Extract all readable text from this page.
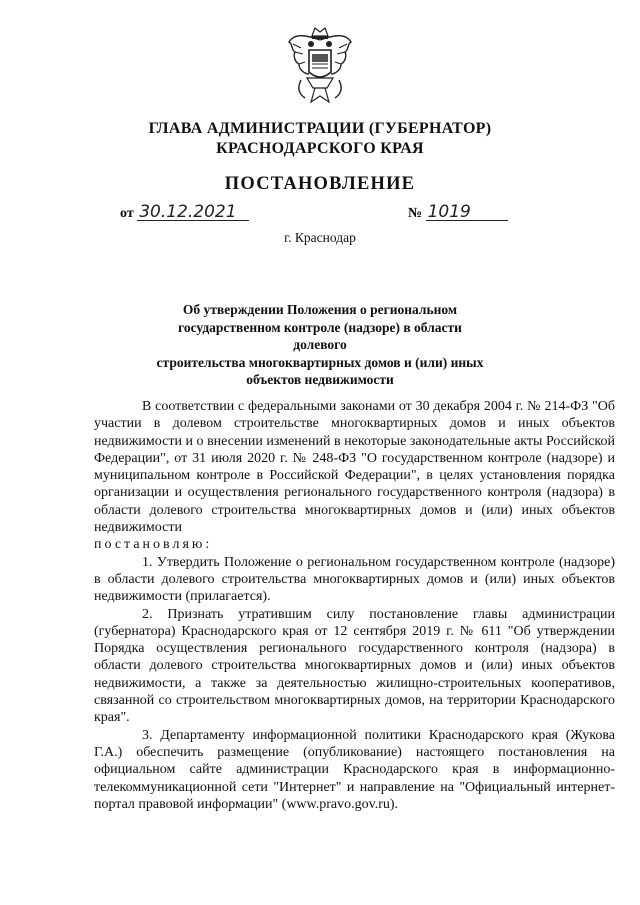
ГЛАВА АДМИНИСТРАЦИИ (ГУБЕРНАТОР)
КРАСНОДАРСКОГО КРАЯ
ПОСТАНОВЛЕНИЕ
от 30.12.2021	№ 1019
г. Краснодар
Об утверждении Положения о региональном
государственном контроле (надзоре) в области долевого
строительства многоквартирных домов и (или) иных
объектов недвижимости

В соответствии с федеральными законами от 30 декабря 2004 г. № 214-ФЗ "Об участии в долевом строительстве многоквартирных домов и иных объектов недвижимости и о внесении изменений в некоторые законодательные акты Российской Федерации", от 31 июля 2020 г. № 248-ФЗ "О государственном контроле (надзоре) и муниципальном контроле в Российской Федерации", в целях установления порядка организации и осуществления регионального государственного контроля (надзора) в области долевого строительства многоквартирных домов и (или) иных объектов недвижимости

постановляю:

1. Утвердить Положение о региональном государственном контроле (надзоре) в области долевого строительства многоквартирных домов и (или) иных объектов недвижимости (прилагается).

2. Признать утратившим силу постановление главы администрации (губернатора) Краснодарского края от 12 сентября 2019 г. № 611 "Об утверждении Порядка осуществления регионального государственного контроля (надзора) в области долевого строительства многоквартирных домов и (или) иных объектов недвижимости, а также за деятельностью жилищно-строительных кооперативов, связанной со строительством многоквартирных домов, на территории Краснодарского края".

3. Департаменту информационной политики Краснодарского края (Жукова Г.А.) обеспечить размещение (опубликование) настоящего постановления на официальном сайте администрации Краснодарского края в информационно-телекоммуникационной сети "Интернет" и направление на "Официальный интернет-портал правовой информации" (www.pravo.gov.ru).
